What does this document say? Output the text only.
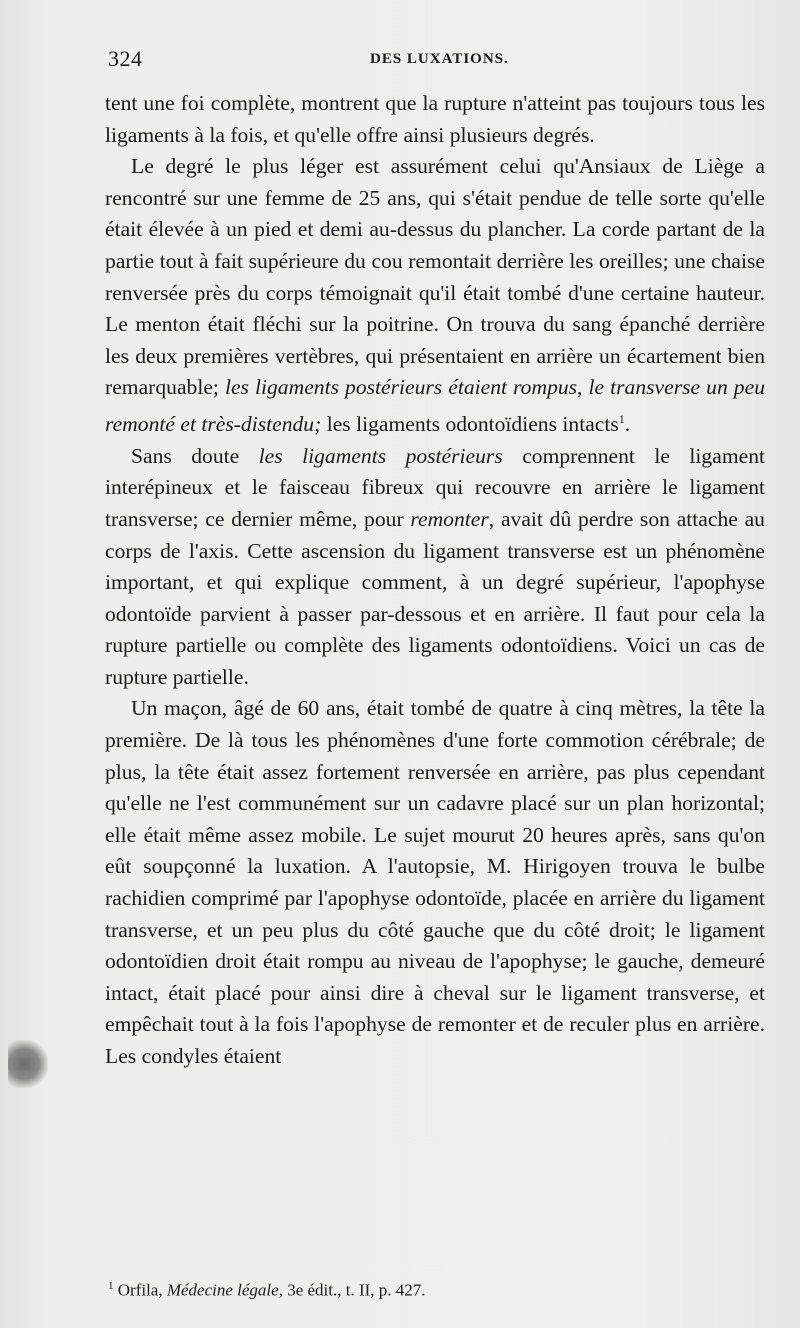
324	DES LUXATIONS.

tent une foi complète, montrent que la rupture n'atteint pas toujours tous les ligaments à la fois, et qu'elle offre ainsi plusieurs degrés.

Le degré le plus léger est assurément celui qu'Ansiaux de Liège a rencontré sur une femme de 25 ans, qui s'était pendue de telle sorte qu'elle était élevée à un pied et demi au-dessus du plancher. La corde partant de la partie tout à fait supérieure du cou remontait derrière les oreilles; une chaise renversée près du corps témoignait qu'il était tombé d'une certaine hauteur. Le menton était fléchi sur la poitrine. On trouva du sang épanché derrière les deux premières vertèbres, qui présentaient en arrière un écartement bien remarquable; les ligaments postérieurs étaient rompus, le transverse un peu remonté et très-distendu; les ligaments odontoïdiens intacts$^1$.

Sans doute les ligaments postérieurs comprennent le ligament interépineux et le faisceau fibreux qui recouvre en arrière le ligament transverse; ce dernier même, pour remonter, avait dû perdre son attache au corps de l'axis. Cette ascension du ligament transverse est un phénomène important, et qui explique comment, à un degré supérieur, l'apophyse odontoïde parvient à passer par-dessous et en arrière. Il faut pour cela la rupture partielle ou complète des ligaments odontoïdiens. Voici un cas de rupture partielle.

Un maçon, âgé de 60 ans, était tombé de quatre à cinq mètres, la tête la première. De là tous les phénomènes d'une forte commotion cérébrale; de plus, la tête était assez fortement renversée en arrière, pas plus cependant qu'elle ne l'est communément sur un cadavre placé sur un plan horizontal; elle était même assez mobile. Le sujet mourut 20 heures après, sans qu'on eût soupçonné la luxation. A l'autopsie, M. Hirigoyen trouva le bulbe rachidien comprimé par l'apophyse odontoïde, placée en arrière du ligament transverse, et un peu plus du côté gauche que du côté droit; le ligament odontoïdien droit était rompu au niveau de l'apophyse; le gauche, demeuré intact, était placé pour ainsi dire à cheval sur le ligament transverse, et empêchait tout à la fois l'apophyse de remonter et de reculer plus en arrière. Les condyles étaient

$^1$ Orfila, Médecine légale, 3e édit., t. II, p. 427.
